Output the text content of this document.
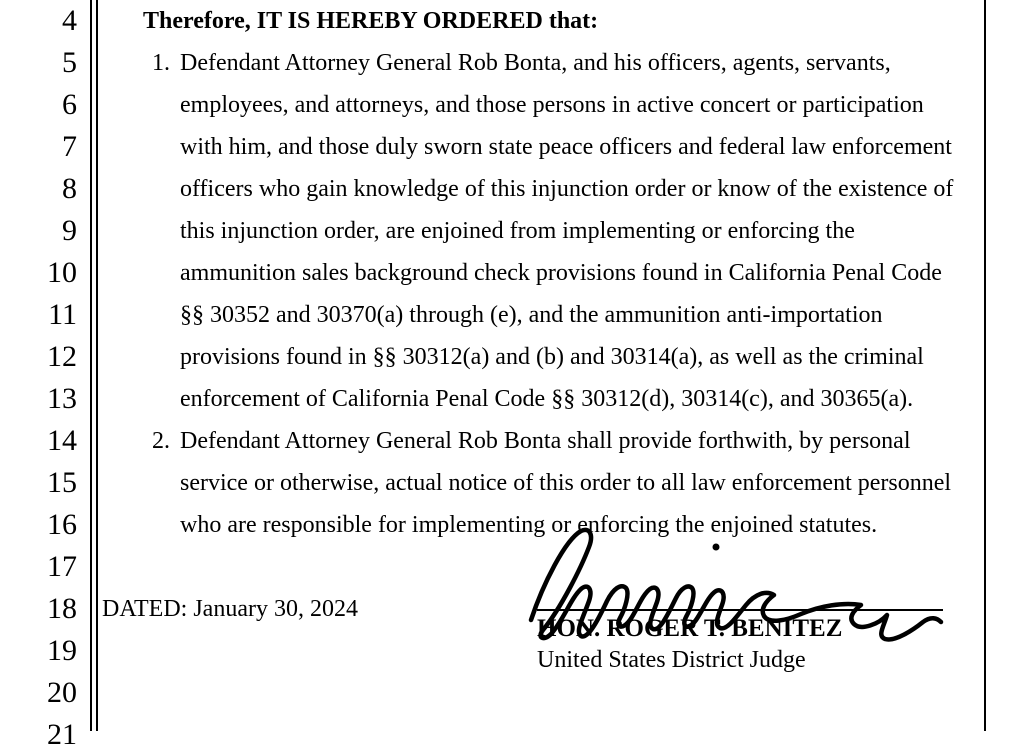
4
5
6
7
8
9
10
11
12
13
14
15
16
17
18
19
20
21
Therefore, IT IS HEREBY ORDERED that:
1. Defendant Attorney General Rob Bonta, and his officers, agents, servants,
employees, and attorneys, and those persons in active concert or participation
with him, and those duly sworn state peace officers and federal law enforcement
officers who gain knowledge of this injunction order or know of the existence of
this injunction order, are enjoined from implementing or enforcing the
ammunition sales background check provisions found in California Penal Code
§§ 30352 and 30370(a) through (e), and the ammunition anti-importation
provisions found in §§ 30312(a) and (b) and 30314(a), as well as the criminal
enforcement of California Penal Code §§ 30312(d), 30314(c), and 30365(a).
2. Defendant Attorney General Rob Bonta shall provide forthwith, by personal
service or otherwise, actual notice of this order to all law enforcement personnel
who are responsible for implementing or enforcing the enjoined statutes.
DATED: January 30, 2024
HON. ROGER T. BENITEZ
United States District Judge
